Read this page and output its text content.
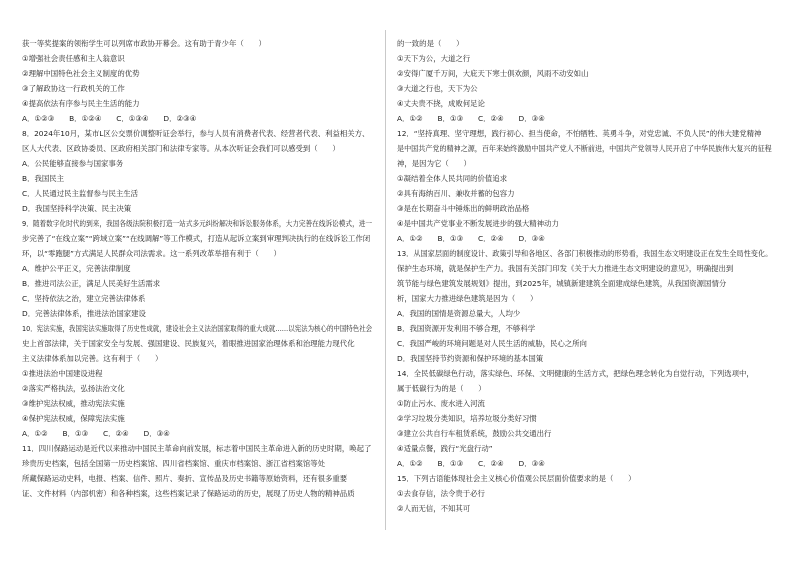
获一等奖提案的领衔学生可以列席市政协开幕会。这有助于青少年（　　）
①增强社会责任感和主人翁意识
②理解中国特色社会主义制度的优势
③了解政协这一行政机关的工作
④提高依法有序参与民主生活的能力
A．①②③　　B．①②④　　C．①③④　　D．②③④
8．2024年10月，某市L区公交票价调整听证会举行，参与人员有消费者代表、经营者代表、利益相关方、
区人大代表、区政协委员、区政府相关部门和法律专家等。从本次听证会我们可以感受到（　　）
A．公民能够直接参与国家事务
B．我国民主
C．人民通过民主监督参与民主生活
D．我国坚持科学决策、民主决策
9．随着数字化时代的到来，我国各级法院积极打造一站式多元纠纷解决和诉讼服务体系，大力完善在线诉讼模式，进一
步完善了“在线立案”“跨域立案”“在线调解”等工作模式，打造从起诉立案到审理判决执行的在线诉讼工作闭
环，以“零跑腿”方式满足人民群众司法需求。这一系列改革举措有利于（　　）
A．维护公平正义，完善法律制度
B．推进司法公正，满足人民美好生活需求
C．坚持依法之治，建立完善法律体系
D．完善法律体系，推进法治国家建设
10．宪法实施，我国宪法实施取得了历史性成就，建设社会主义法治国家取得的重大成就……以宪法为核心的中国特色社会
史上首部法律，关于国家安全与发展、强国建设、民族复兴，着眼推进国家治理体系和治理能力现代化
主义法律体系加以完善。这有利于（　　）
①推进法治中国建设进程
②落实严格执法，弘扬法治文化
③维护宪法权威，推动宪法实施
④保护宪法权威，保障宪法实施
A．①②　　B．①③　　C．②④　　D．③④
11．四川保路运动是近代以来推动中国民主革命向前发展，标志着中国民主革命进入新的历史时期，唤起了
珍贵历史档案，包括全国第一历史档案馆、四川省档案馆、重庆市档案馆、浙江省档案馆等处
所藏保路运动史料，电报、档案、信件、照片、奏折、宣传品及历史书籍等原始资料，还有很多重要
证、文件材料（内部机密）和各种档案，这些档案记录了保路运动的历史，展现了历史人物的精神品质
的一致的是（　　）
①天下为公，大道之行
②安得广厦千万间，大庇天下寒士俱欢颜，风雨不动安如山
③大道之行也，天下为公
④丈夫贵不挠，成败何足论
A．①②　　B．①③　　C．②④　　D．③④
12．“坚持真理、坚守理想，践行初心、担当使命，不怕牺牲、英勇斗争，对党忠诚、不负人民”的伟大建党精神
是中国共产党的精神之源，百年来始终激励中国共产党人不断前进，中国共产党领导人民开启了中华民族伟大复兴的征程
神，是因为它（　　）
①凝结着全体人民共同的价值追求
②具有海纳百川、兼收并蓄的包容力
③是在长期奋斗中锤炼出的鲜明政治品格
④是中国共产党事业不断发展进步的强大精神动力
A．①②　　B．①③　　C．②④　　D．③④
13．从国家层面的制度设计、政策引导和各地区、各部门积极推动的形势看，我国生态文明建设正在发生全局性变化。
保护生态环境，就是保护生产力。我国有关部门印发《关于大力推进生态文明建设的意见》，明确提出到
筑节能与绿色建筑发展规划》提出，到2025年，城镇新建建筑全面建成绿色建筑，从我国资源国情分
析，国家大力推进绿色建筑是因为（　　）
A．我国的国情是资源总量大，人均少
B．我国资源开发利用不够合理，不够科学
C．我国严峻的环境问题是对人民生活的威胁，民心之所向
D．我国坚持节约资源和保护环境的基本国策
14．全民低碳绿色行动，落实绿色、环保、文明健康的生活方式，把绿色理念转化为自觉行动，下列选项中，
属于低碳行为的是（　　）
①防止污水、废水进入河流
②学习垃圾分类知识，培养垃圾分类好习惯
③建立公共自行车租赁系统，鼓励公共交通出行
④适量点餐，践行“光盘行动”
A．①②　　B．①③　　C．②④　　D．③④
15．下列古语能体现社会主义核心价值观公民层面价值要求的是（　　）
①去食存信，法令贵于必行
②人而无信，不知其可
